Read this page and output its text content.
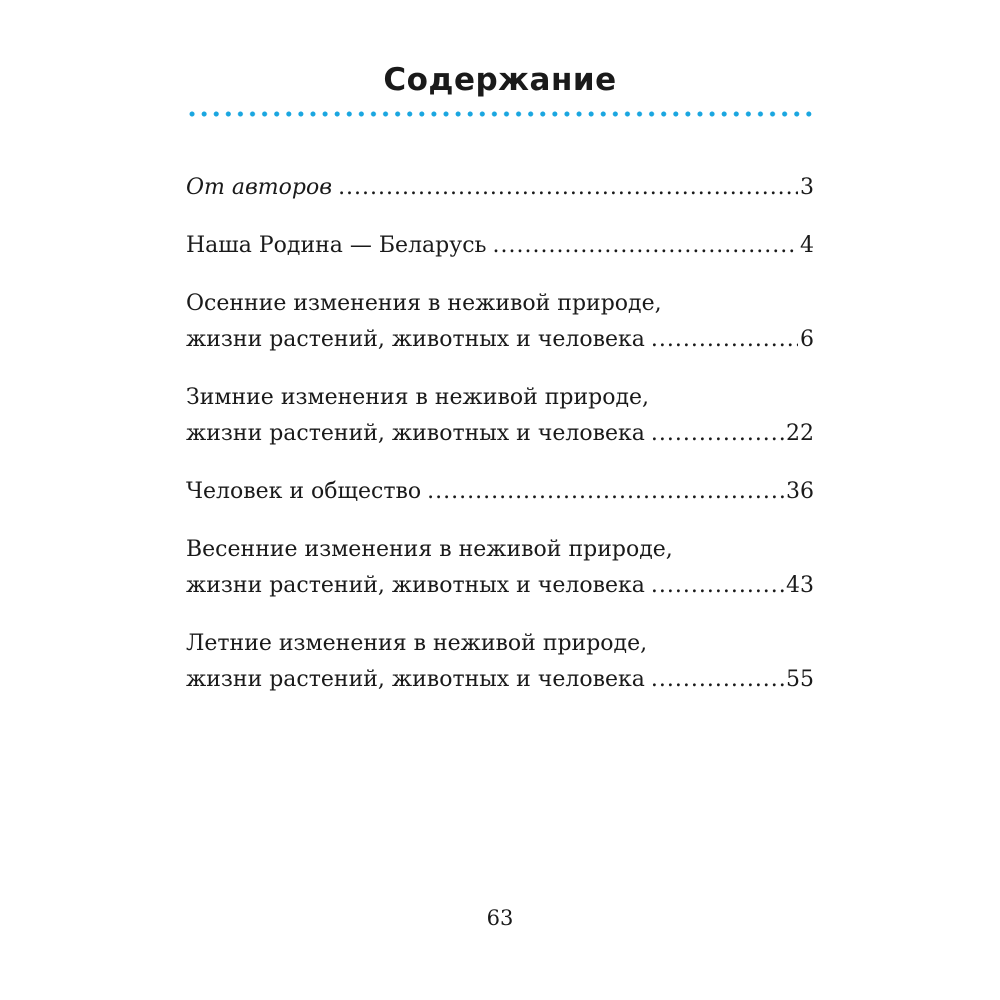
Содержание
От авторов .....	3
Наша Родина — Беларусь .....	4
Осенние изменения в неживой природе,
жизни растений, животных и человека .....	6
Зимние изменения в неживой природе,
жизни растений, животных и человека .....	22
Человек и общество .....	36
Весенние изменения в неживой природе,
жизни растений, животных и человека .....	43
Летние изменения в неживой природе,
жизни растений, животных и человека .....	55
63
